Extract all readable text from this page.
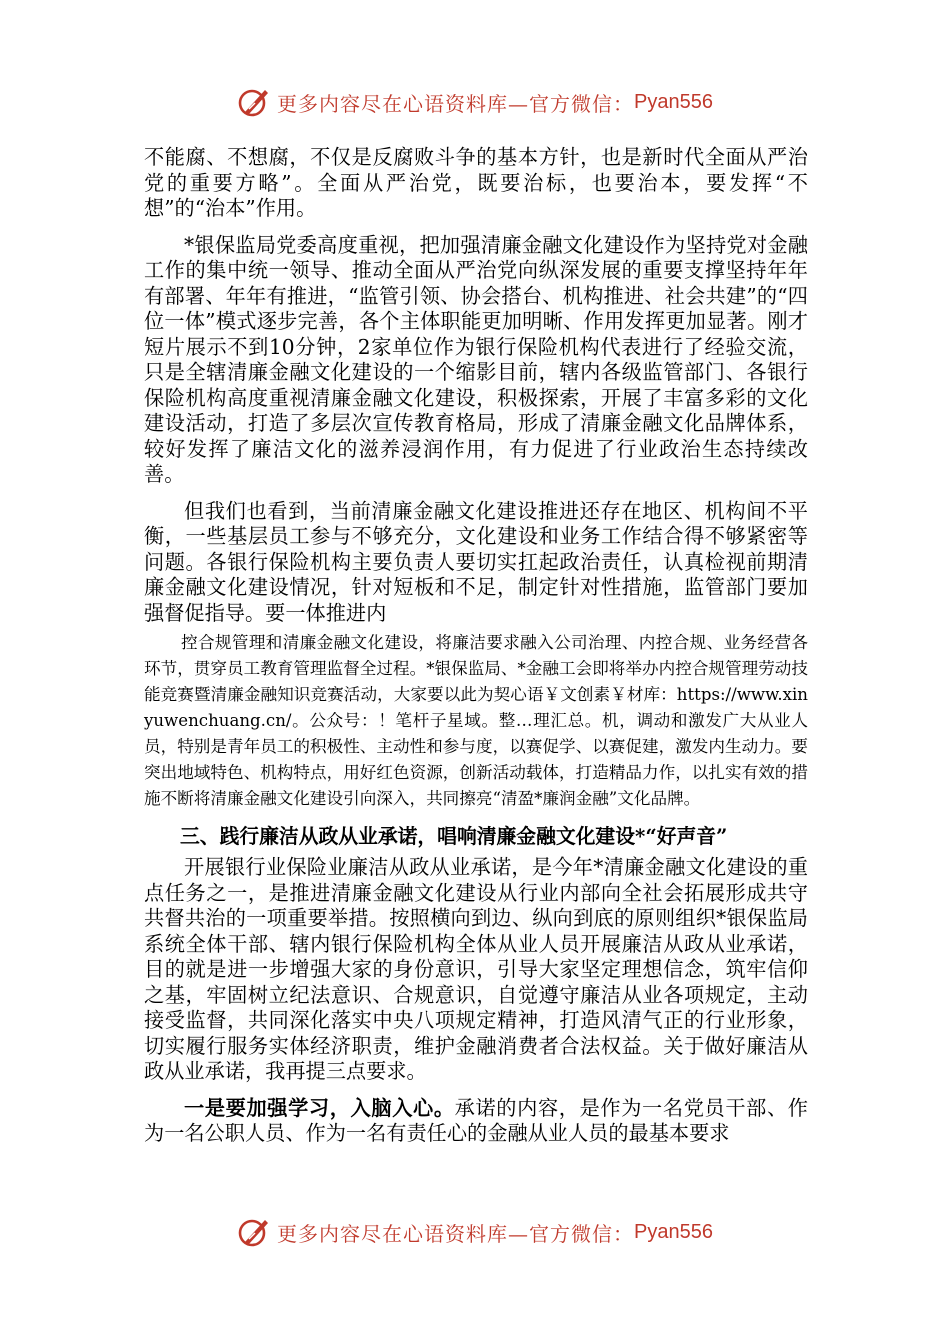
更多内容尽在心语资料库—官方微信： Pyan556

不能腐、不想腐，不仅是反腐败斗争的基本方针，也是新时代全面从严治党的重要方略”。全面从严治党，既要治标，也要治本，要发挥“不想”的“治本”作用。

*银保监局党委高度重视，把加强清廉金融文化建设作为坚持党对金融工作的集中统一领导、推动全面从严治党向纵深发展的重要支撑坚持年年有部署、年年有推进，“监管引领、协会搭台、机构推进、社会共建”的“四位一体”模式逐步完善，各个主体职能更加明晰、作用发挥更加显著。刚才短片展示不到10分钟，2家单位作为银行保险机构代表进行了经验交流，只是全辖清廉金融文化建设的一个缩影目前，辖内各级监管部门、各银行保险机构高度重视清廉金融文化建设，积极探索，开展了丰富多彩的文化建设活动，打造了多层次宣传教育格局，形成了清廉金融文化品牌体系，较好发挥了廉洁文化的滋养浸润作用，有力促进了行业政治生态持续改善。

但我们也看到，当前清廉金融文化建设推进还存在地区、机构间不平衡，一些基层员工参与不够充分，文化建设和业务工作结合得不够紧密等问题。各银行保险机构主要负责人要切实扛起政治责任，认真检视前期清廉金融文化建设情况，针对短板和不足，制定针对性措施，监管部门要加强督促指导。要一体推进内

控合规管理和清廉金融文化建设，将廉洁要求融入公司治理、内控合规、业务经营各环节，贯穿员工教育管理监督全过程。*银保监局、*金融工会即将举办内控合规管理劳动技能竞赛暨清廉金融知识竞赛活动，大家要以此为契心语￥文创素￥材库：https://www.xinyuwenchuang.cn/。公众号：！笔杆子星域。整…理汇总。机，调动和激发广大从业人员，特别是青年员工的积极性、主动性和参与度，以赛促学、以赛促建，激发内生动力。要突出地域特色、机构特点，用好红色资源，创新活动载体，打造精品力作，以扎实有效的措施不断将清廉金融文化建设引向深入，共同擦亮“清盈*廉润金融”文化品牌。

三、践行廉洁从政从业承诺，唱响清廉金融文化建设*“好声音”

开展银行业保险业廉洁从政从业承诺，是今年*清廉金融文化建设的重点任务之一，是推进清廉金融文化建设从行业内部向全社会拓展形成共守共督共治的一项重要举措。按照横向到边、纵向到底的原则组织*银保监局系统全体干部、辖内银行保险机构全体从业人员开展廉洁从政从业承诺，目的就是进一步增强大家的身份意识，引导大家坚定理想信念，筑牢信仰之基，牢固树立纪法意识、合规意识，自觉遵守廉洁从业各项规定，主动接受监督，共同深化落实中央八项规定精神，打造风清气正的行业形象，切实履行服务实体经济职责，维护金融消费者合法权益。关于做好廉洁从政从业承诺，我再提三点要求。

一是要加强学习，入脑入心。承诺的内容，是作为一名党员干部、作为一名公职人员、作为一名有责任心的金融从业人员的最基本要求

更多内容尽在心语资料库—官方微信： Pyan556
